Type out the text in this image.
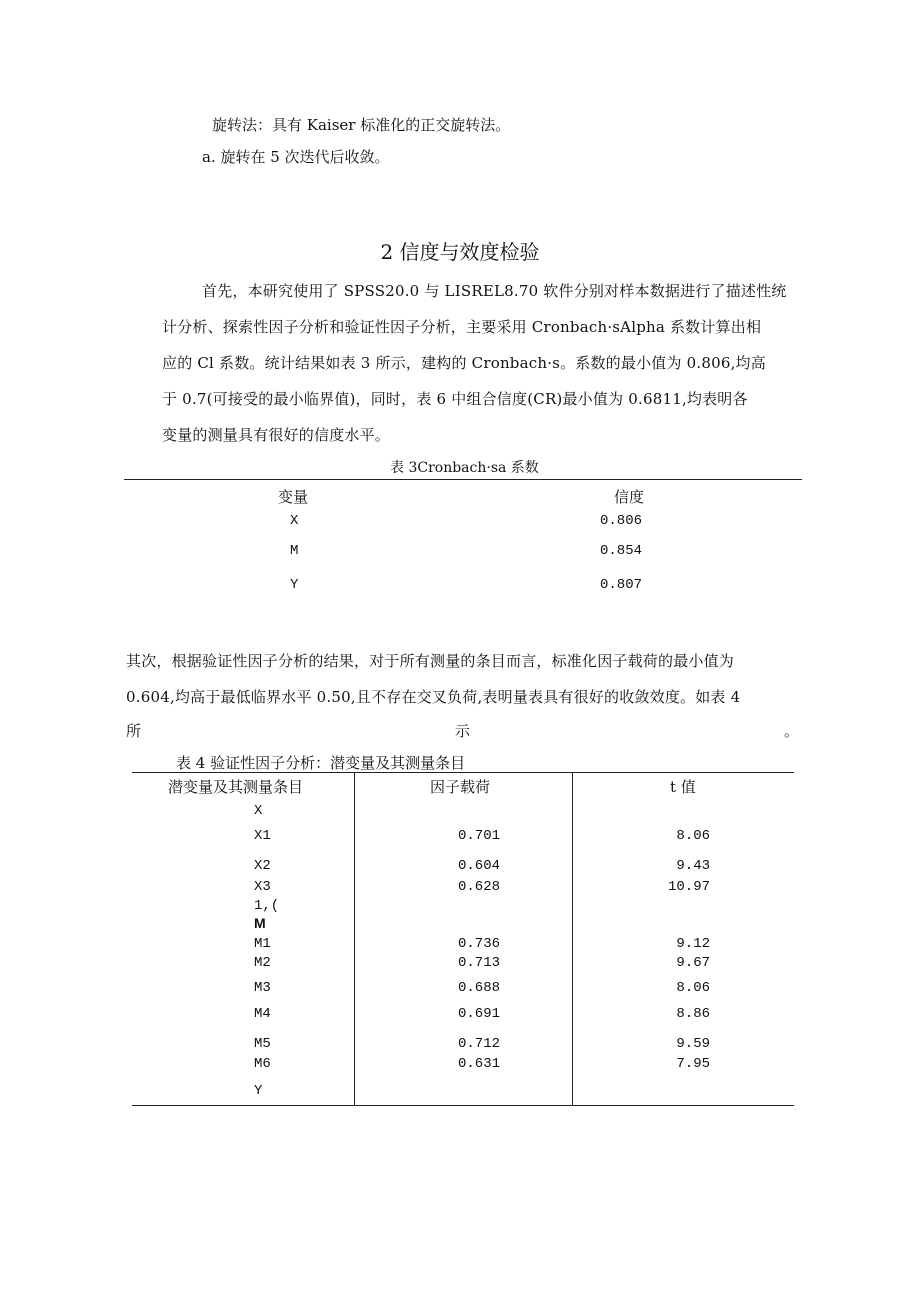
旋转法：具有 Kaiser 标准化的正交旋转法。
a. 旋转在 5 次迭代后收敛。
2 信度与效度检验
首先，本研究使用了 SPSS20.0 与 LISREL8.70 软件分别对样本数据进行了描述性统
计分析、探索性因子分析和验证性因子分析，主要采用 Cronbach·sAlpha 系数计算出相
应的 Cl 系数。统计结果如表 3 所示，建构的 Cronbach·s。系数的最小值为 0.806,均高
于 0.7(可接受的最小临界值)，同时，表 6 中组合信度(CR)最小值为 0.6811,均表明各
变量的测量具有很好的信度水平。
表 3Cronbach·sa 系数
变量	信度
X	0.806
M	0.854
Y	0.807
其次，根据验证性因子分析的结果，对于所有测量的条目而言，标准化因子载荷的最小值为
0.604,均高于最低临界水平 0.50,且不存在交叉负荷,表明量表具有很好的收敛效度。如表 4
所	示	。
表 4 验证性因子分析：潜变量及其测量条目
潜变量及其测量条目	因子载荷	t 值
X
X1	0.701	8.06
X2	0.604	9.43
X3	0.628	10.97
1,(
M
M1	0.736	9.12
M2	0.713	9.67
M3	0.688	8.06
M4	0.691	8.86
M5	0.712	9.59
M6	0.631	7.95
Y
